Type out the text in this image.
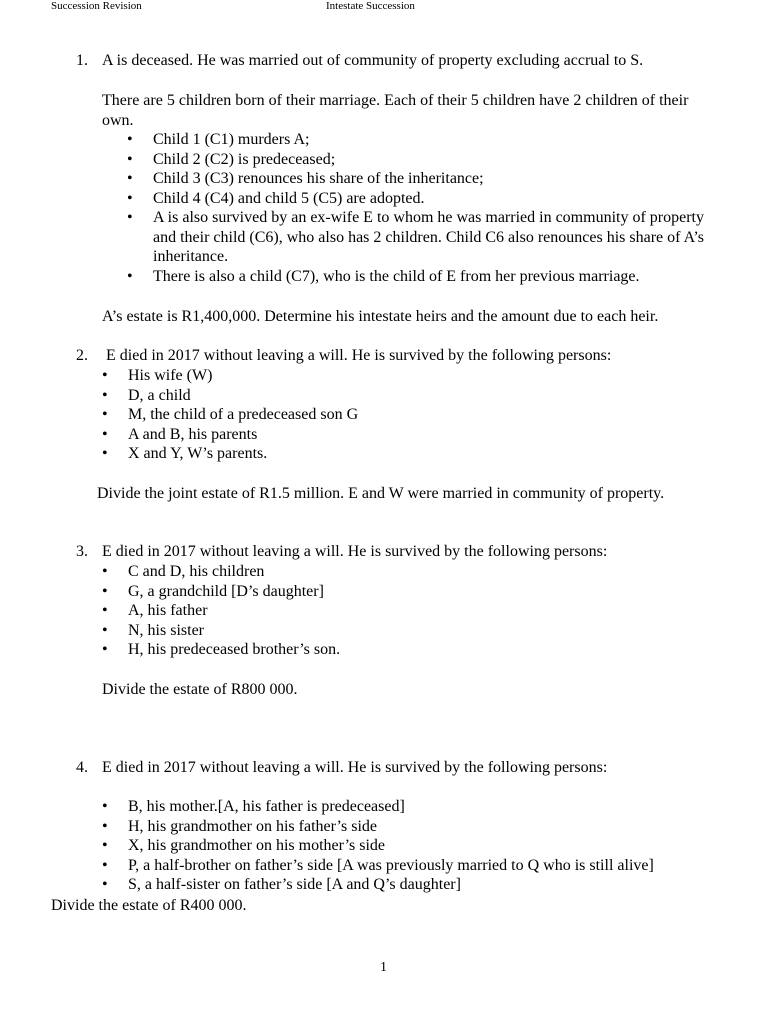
Succession Revision	Intestate Succession
1. A is deceased. He was married out of community of property excluding accrual to S.
There are 5 children born of their marriage. Each of their 5 children have 2 children of their own.
• Child 1 (C1) murders A;
• Child 2 (C2) is predeceased;
• Child 3 (C3) renounces his share of the inheritance;
• Child 4 (C4) and child 5 (C5) are adopted.
• A is also survived by an ex-wife E to whom he was married in community of property and their child (C6), who also has 2 children. Child C6 also renounces his share of A’s inheritance.
• There is also a child (C7), who is the child of E from her previous marriage.
A’s estate is R1,400,000. Determine his intestate heirs and the amount due to each heir.
2. E died in 2017 without leaving a will. He is survived by the following persons:
• His wife (W)
• D, a child
• M, the child of a predeceased son G
• A and B, his parents
• X and Y, W’s parents.
Divide the joint estate of R1.5 million. E and W were married in community of property.
3. E died in 2017 without leaving a will. He is survived by the following persons:
• C and D, his children
• G, a grandchild [D’s daughter]
• A, his father
• N, his sister
• H, his predeceased brother’s son.
Divide the estate of R800 000.
4. E died in 2017 without leaving a will. He is survived by the following persons:
• B, his mother.[A, his father is predeceased]
• H, his grandmother on his father’s side
• X, his grandmother on his mother’s side
• P, a half-brother on father’s side [A was previously married to Q who is still alive]
• S, a half-sister on father’s side [A and Q’s daughter]
Divide the estate of R400 000.
1
